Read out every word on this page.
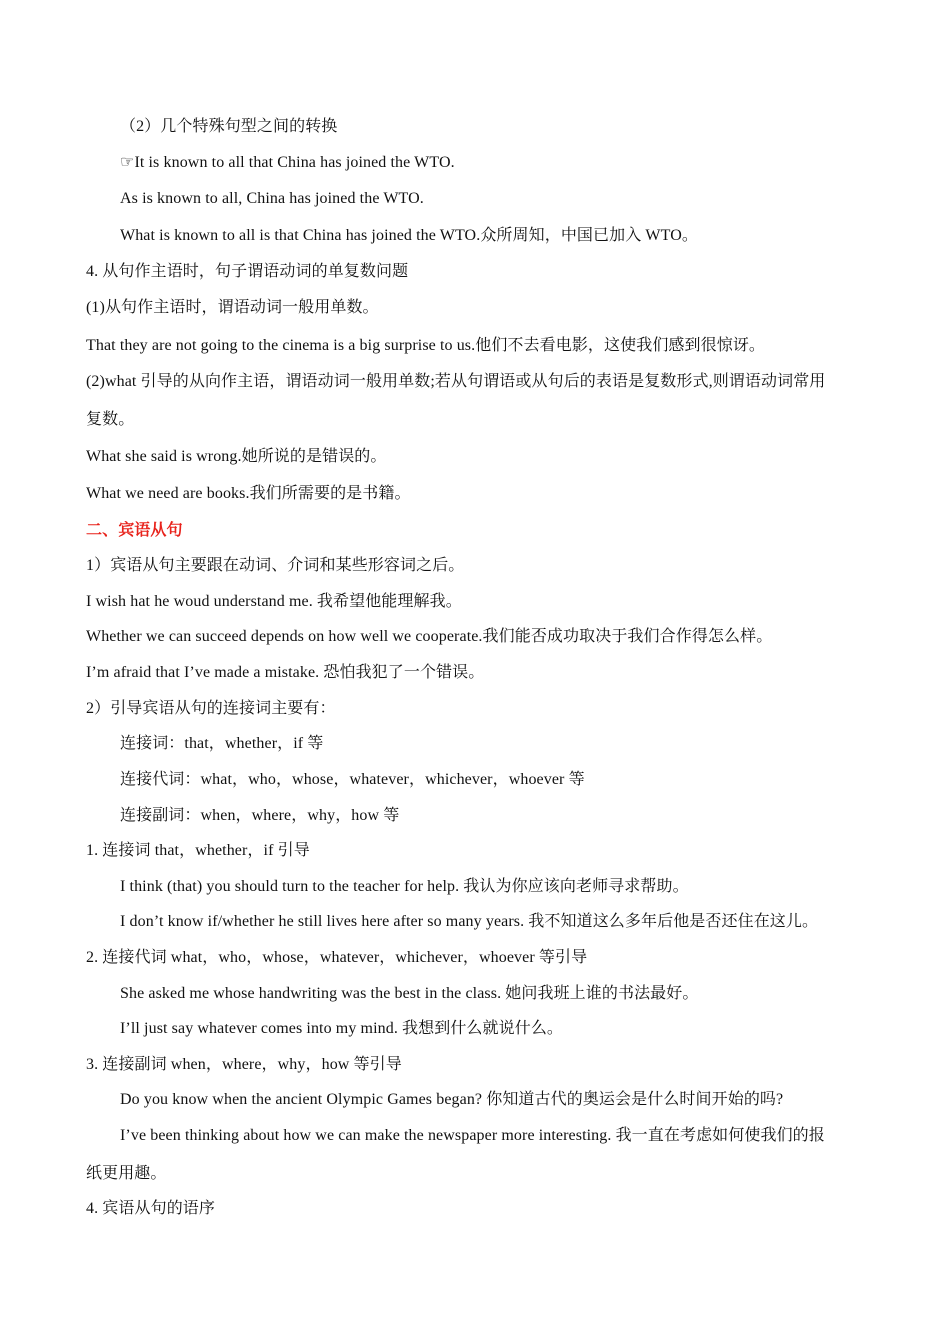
（2）几个特殊句型之间的转换
☞It is known to all that China has joined the WTO.
As is known to all, China has joined the WTO.
What is known to all is that China has joined the WTO.众所周知，中国已加入 WTO。
4. 从句作主语时，句子谓语动词的单复数问题
(1)从句作主语时，谓语动词一般用单数。
That they are not going to the cinema is a big surprise to us.他们不去看电影，这使我们感到很惊讶。
(2)what 引导的从向作主语，谓语动词一般用单数;若从句谓语或从句后的表语是复数形式,则谓语动词常用
复数。
What she said is wrong.她所说的是错误的。
What we need are books.我们所需要的是书籍。
二、宾语从句
1）宾语从句主要跟在动词、介词和某些形容词之后。
I wish hat he woud understand me. 我希望他能理解我。
Whether we can succeed depends on how well we cooperate.我们能否成功取决于我们合作得怎么样。
I’m afraid that I’ve made a mistake. 恐怕我犯了一个错误。
2）引导宾语从句的连接词主要有：
连接词：that，whether，if 等
连接代词：what，who，whose，whatever，whichever，whoever 等
连接副词：when，where，why，how 等
1. 连接词 that，whether，if 引导
I think (that) you should turn to the teacher for help. 我认为你应该向老师寻求帮助。
I don’t know if/whether he still lives here after so many years. 我不知道这么多年后他是否还住在这儿。
2. 连接代词 what，who，whose，whatever，whichever，whoever 等引导
She asked me whose handwriting was the best in the class. 她问我班上谁的书法最好。
I’ll just say whatever comes into my mind. 我想到什么就说什么。
3. 连接副词 when，where，why，how 等引导
Do you know when the ancient Olympic Games began? 你知道古代的奥运会是什么时间开始的吗?
I’ve been thinking about how we can make the newspaper more interesting. 我一直在考虑如何使我们的报
纸更用趣。
4. 宾语从句的语序
